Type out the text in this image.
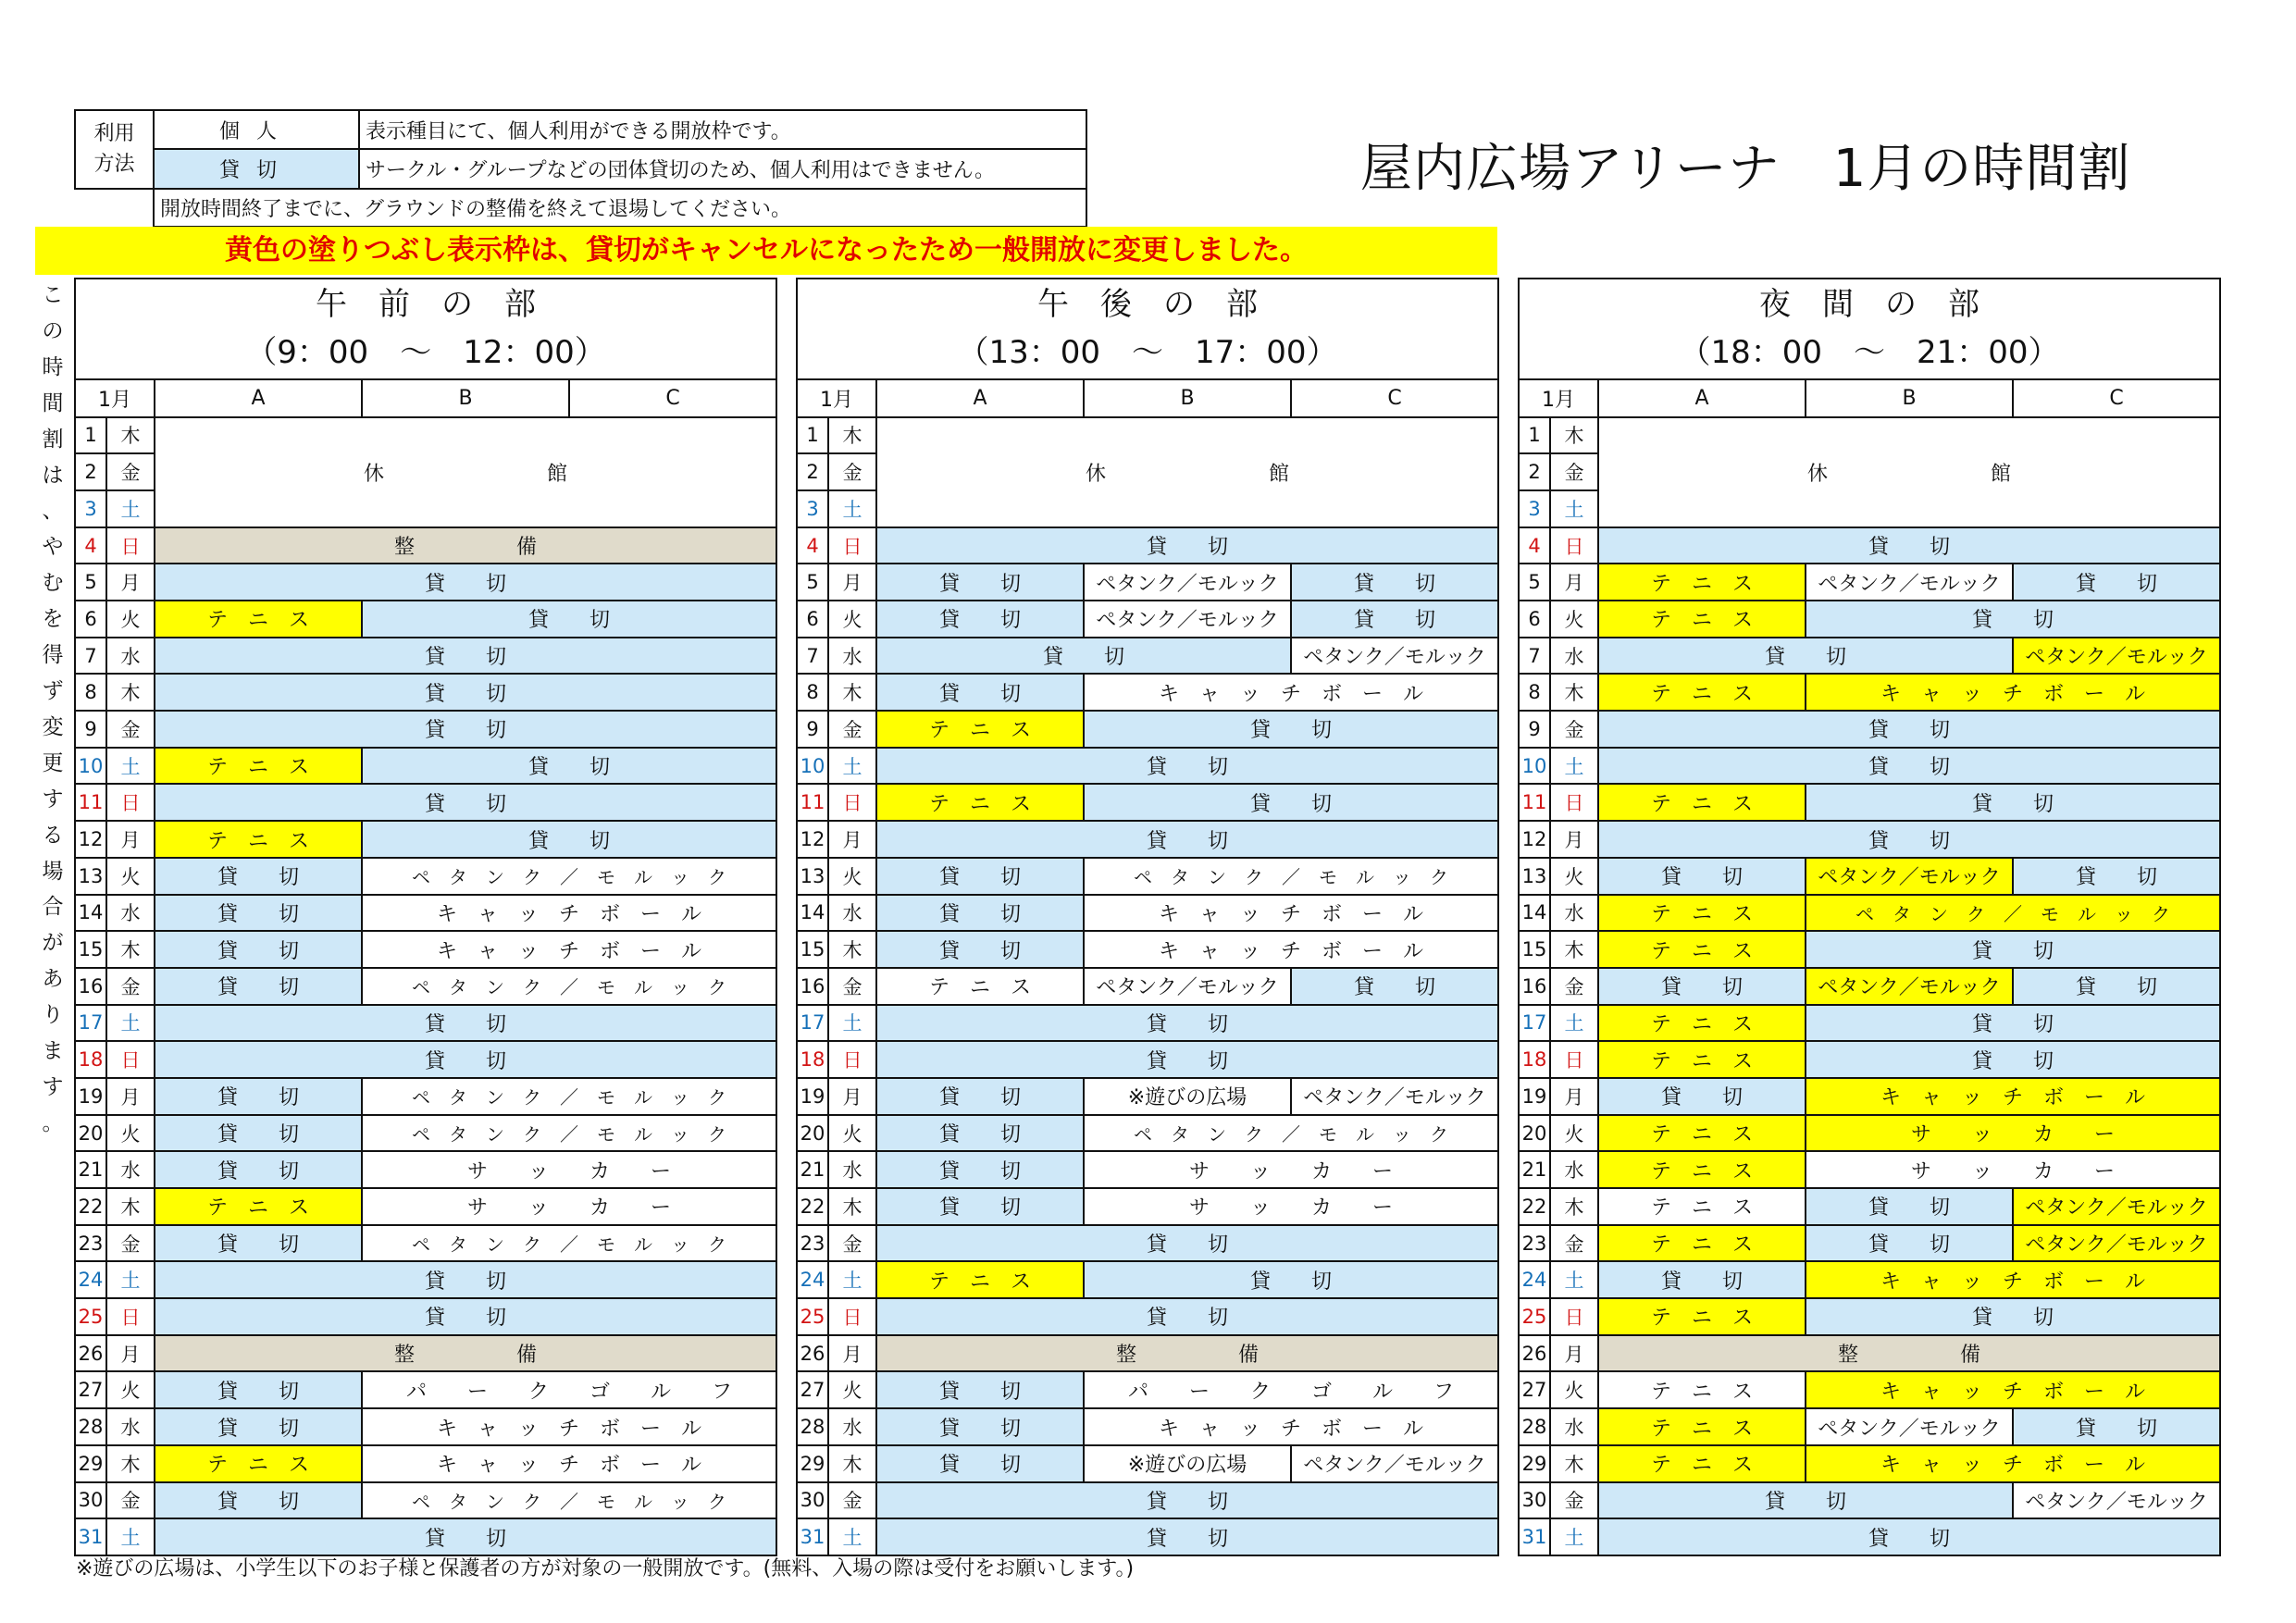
利用
方法	個人	表示種目にて、個人利用ができる開放枠です。
	貸切	サークル・グループなどの団体貸切のため、個人利用はできません。
	開放時間終了までに、グラウンドの整備を終えて退場してください。	
屋内広場アリーナ　1月の時間割
黄色の塗りつぶし表示枠は、貸切がキャンセルになったため一般開放に変更しました。
こ
の
時
間
割
は
、
や
む
を
得
ず
変
更
す
る
場
合
が
あ
り
ま
す
。
午　前　の　部
（9：00　～　12：00）				

1月		A	B	C
1	木	休　　　　　　　　館		
2	金			
3	土			
4	日	整　　　　　備		
5	月	貸　　切		
6	火	テ　ニ　ス	貸　　切	
7	水	貸　　切		
8	木	貸　　切		
9	金	貸　　切		
10	土	テ　ニ　ス	貸　　切	
11	日	貸　　切		
12	月	テ　ニ　ス	貸　　切	
13	火	貸　　切	ペ　タ　ン　ク　／　モ　ル　ッ　ク	
14	水	貸　　切	キ　ャ　ッ　チ　ボ　ー　ル	
15	木	貸　　切	キ　ャ　ッ　チ　ボ　ー　ル	
16	金	貸　　切	ペ　タ　ン　ク　／　モ　ル　ッ　ク	
17	土	貸　　切		
18	日	貸　　切		
19	月	貸　　切	ペ　タ　ン　ク　／　モ　ル　ッ　ク	
20	火	貸　　切	ペ　タ　ン　ク　／　モ　ル　ッ　ク	
21	水	貸　　切	サ　　ッ　　カ　　ー	
22	木	テ　ニ　ス	サ　　ッ　　カ　　ー	
23	金	貸　　切	ペ　タ　ン　ク　／　モ　ル　ッ　ク	
24	土	貸　　切		
25	日	貸　　切		
26	月	整　　　　　備		
27	火	貸　　切	パ　　ー　　ク　　ゴ　　ル　　フ	
28	水	貸　　切	キ　ャ　ッ　チ　ボ　ー　ル	
29	木	テ　ニ　ス	キ　ャ　ッ　チ　ボ　ー　ル	
30	金	貸　　切	ペ　タ　ン　ク　／　モ　ル　ッ　ク	
31	土	貸　　切		
午　後　の　部
（13：00　～　17：00）				

1月		A	B	C
1	木	休　　　　　　　　館		
2	金			
3	土			
4	日	貸　　切		
5	月	貸　　切	ペタンク／モルック	貸　　切
6	火	貸　　切	ペタンク／モルック	貸　　切
7	水	貸　　切		ペタンク／モルック
8	木	貸　　切	キ　ャ　ッ　チ　ボ　ー　ル	
9	金	テ　ニ　ス	貸　　切	
10	土	貸　　切		
11	日	テ　ニ　ス	貸　　切	
12	月	貸　　切		
13	火	貸　　切	ペ　タ　ン　ク　／　モ　ル　ッ　ク	
14	水	貸　　切	キ　ャ　ッ　チ　ボ　ー　ル	
15	木	貸　　切	キ　ャ　ッ　チ　ボ　ー　ル	
16	金	テ　ニ　ス	ペタンク／モルック	貸　　切
17	土	貸　　切		
18	日	貸　　切		
19	月	貸　　切	※遊びの広場	ペタンク／モルック
20	火	貸　　切	ペ　タ　ン　ク　／　モ　ル　ッ　ク	
21	水	貸　　切	サ　　ッ　　カ　　ー	
22	木	貸　　切	サ　　ッ　　カ　　ー	
23	金	貸　　切		
24	土	テ　ニ　ス	貸　　切	
25	日	貸　　切		
26	月	整　　　　　備		
27	火	貸　　切	パ　　ー　　ク　　ゴ　　ル　　フ	
28	水	貸　　切	キ　ャ　ッ　チ　ボ　ー　ル	
29	木	貸　　切	※遊びの広場	ペタンク／モルック
30	金	貸　　切		
31	土	貸　　切		
夜　間　の　部
（18：00　～　21：00）				

1月		A	B	C
1	木	休　　　　　　　　館		
2	金			
3	土			
4	日	貸　　切		
5	月	テ　ニ　ス	ペタンク／モルック	貸　　切
6	火	テ　ニ　ス	貸　　切	
7	水	貸　　切		ペタンク／モルック
8	木	テ　ニ　ス	キ　ャ　ッ　チ　ボ　ー　ル	
9	金	貸　　切		
10	土	貸　　切		
11	日	テ　ニ　ス	貸　　切	
12	月	貸　　切		
13	火	貸　　切	ペタンク／モルック	貸　　切
14	水	テ　ニ　ス	ペ　タ　ン　ク　／　モ　ル　ッ　ク	
15	木	テ　ニ　ス	貸　　切	
16	金	貸　　切	ペタンク／モルック	貸　　切
17	土	テ　ニ　ス	貸　　切	
18	日	テ　ニ　ス	貸　　切	
19	月	貸　　切	キ　ャ　ッ　チ　ボ　ー　ル	
20	火	テ　ニ　ス	サ　　ッ　　カ　　ー	
21	水	テ　ニ　ス	サ　　ッ　　カ　　ー	
22	木	テ　ニ　ス	貸　　切	ペタンク／モルック
23	金	テ　ニ　ス	貸　　切	ペタンク／モルック
24	土	貸　　切	キ　ャ　ッ　チ　ボ　ー　ル	
25	日	テ　ニ　ス	貸　　切	
26	月	整　　　　　備		
27	火	テ　ニ　ス	キ　ャ　ッ　チ　ボ　ー　ル	
28	水	テ　ニ　ス	ペタンク／モルック	貸　　切
29	木	テ　ニ　ス	キ　ャ　ッ　チ　ボ　ー　ル	
30	金	貸　　切		ペタンク／モルック
31	土	貸　　切		
※遊びの広場は、小学生以下のお子様と保護者の方が対象の一般開放です。(無料、入場の際は受付をお願いします。)
